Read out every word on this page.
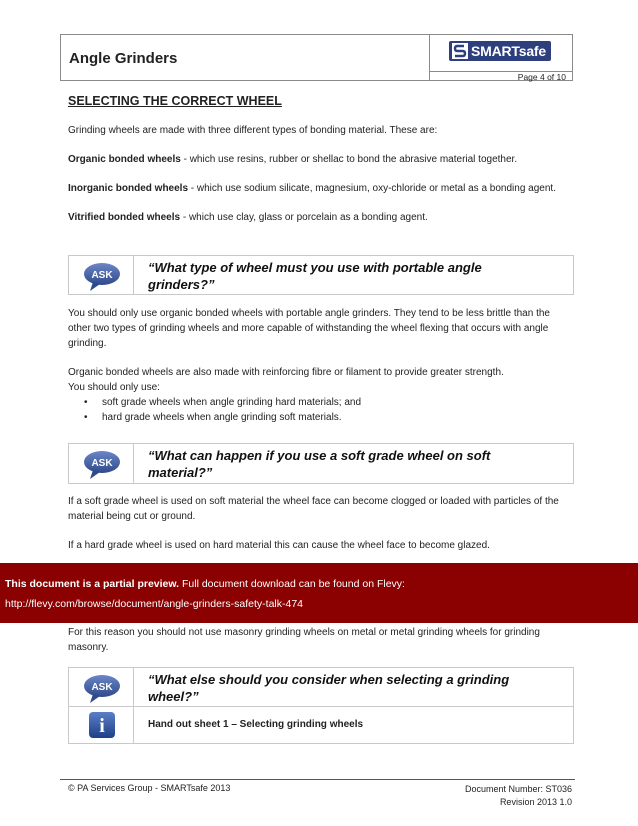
Angle Grinders	SMARTsafe
Page 4 of 10
SELECTING THE CORRECT WHEEL

Grinding wheels are made with three different types of bonding material. These are:

Organic bonded wheels - which use resins, rubber or shellac to bond the abrasive material together.

Inorganic bonded wheels - which use sodium silicate, magnesium, oxy-chloride or metal as a bonding agent.

Vitrified bonded wheels - which use clay, glass or porcelain as a bonding agent.

ASK
“What type of wheel must you use with portable angle grinders?”
You should only use organic bonded wheels with portable angle grinders. They tend to be less brittle than the other two types of grinding wheels and more capable of withstanding the wheel flexing that occurs with angle grinding.
Organic bonded wheels are also made with reinforcing fibre or filament to provide greater strength.
You should only use:
• soft grade wheels when angle grinding hard materials; and
• hard grade wheels when angle grinding soft materials.
ASK
“What can happen if you use a soft grade wheel on soft material?”
If a soft grade wheel is used on soft material the wheel face can become clogged or loaded with particles of the material being cut or ground.
If a hard grade wheel is used on hard material this can cause the wheel face to become glazed.
This document is a partial preview. Full document download can be found on Flevy:
http://flevy.com/browse/document/angle-grinders-safety-talk-474
For this reason you should not use masonry grinding wheels on metal or metal grinding wheels for grinding masonry.
ASK
“What else should you consider when selecting a grinding wheel?”
i	Hand out sheet 1 – Selecting grinding wheels
© PA Services Group - SMARTsafe 2013	Document Number: ST036
Revision 2013 1.0
